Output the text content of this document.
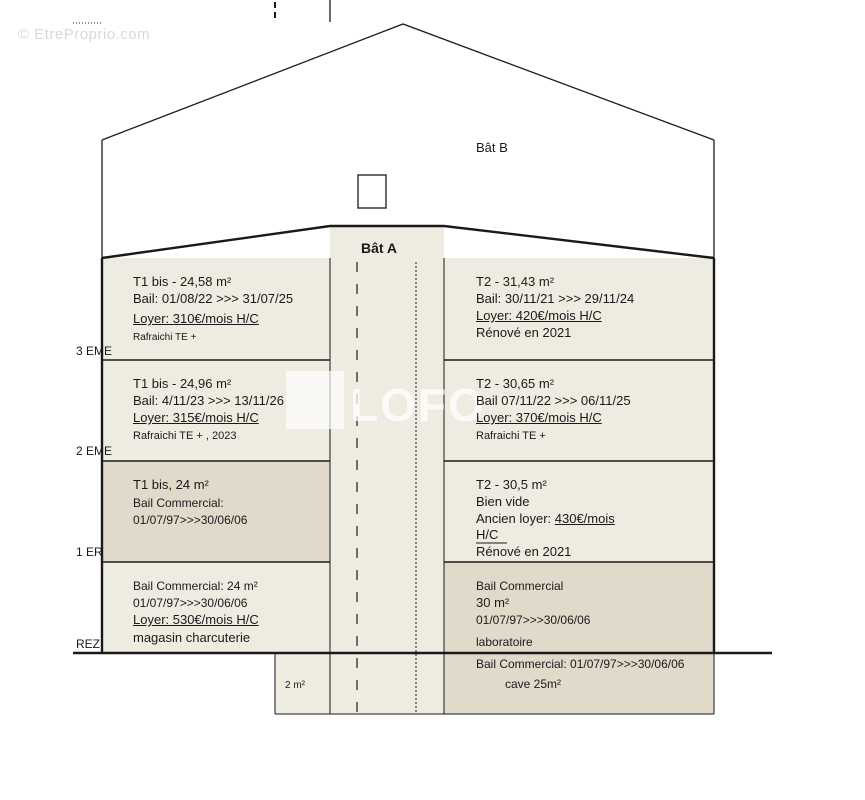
© EtreProprio.com
LOFO
Bât B
Bât A
3 EME
2 EME
1 ER
REZ
T1 bis - 24,58 m²
Bail: 01/08/22 >>> 31/07/25
Loyer: 310€/mois H/C
Rafraichi TE +
T2 - 31,43 m²
Bail: 30/11/21 >>> 29/11/24
Loyer: 420€/mois H/C
Rénové en 2021
T1 bis - 24,96 m²
Bail: 4/11/23 >>> 13/11/26
Loyer: 315€/mois H/C
Rafraichi TE + , 2023
T2 - 30,65 m²
Bail 07/11/22 >>> 06/11/25
Loyer: 370€/mois H/C
Rafraichi TE +
T1 bis, 24 m²
Bail Commercial:
01/07/97>>>30/06/06
T2 - 30,5 m²
Bien vide
Ancien loyer: 430€/mois
H/C
Rénové en 2021
Bail Commercial: 24 m²
01/07/97>>>30/06/06
Loyer: 530€/mois H/C
magasin charcuterie
Bail Commercial
30 m²
01/07/97>>>30/06/06
laboratoire
2 m²
Bail Commercial: 01/07/97>>>30/06/06
cave 25m²
